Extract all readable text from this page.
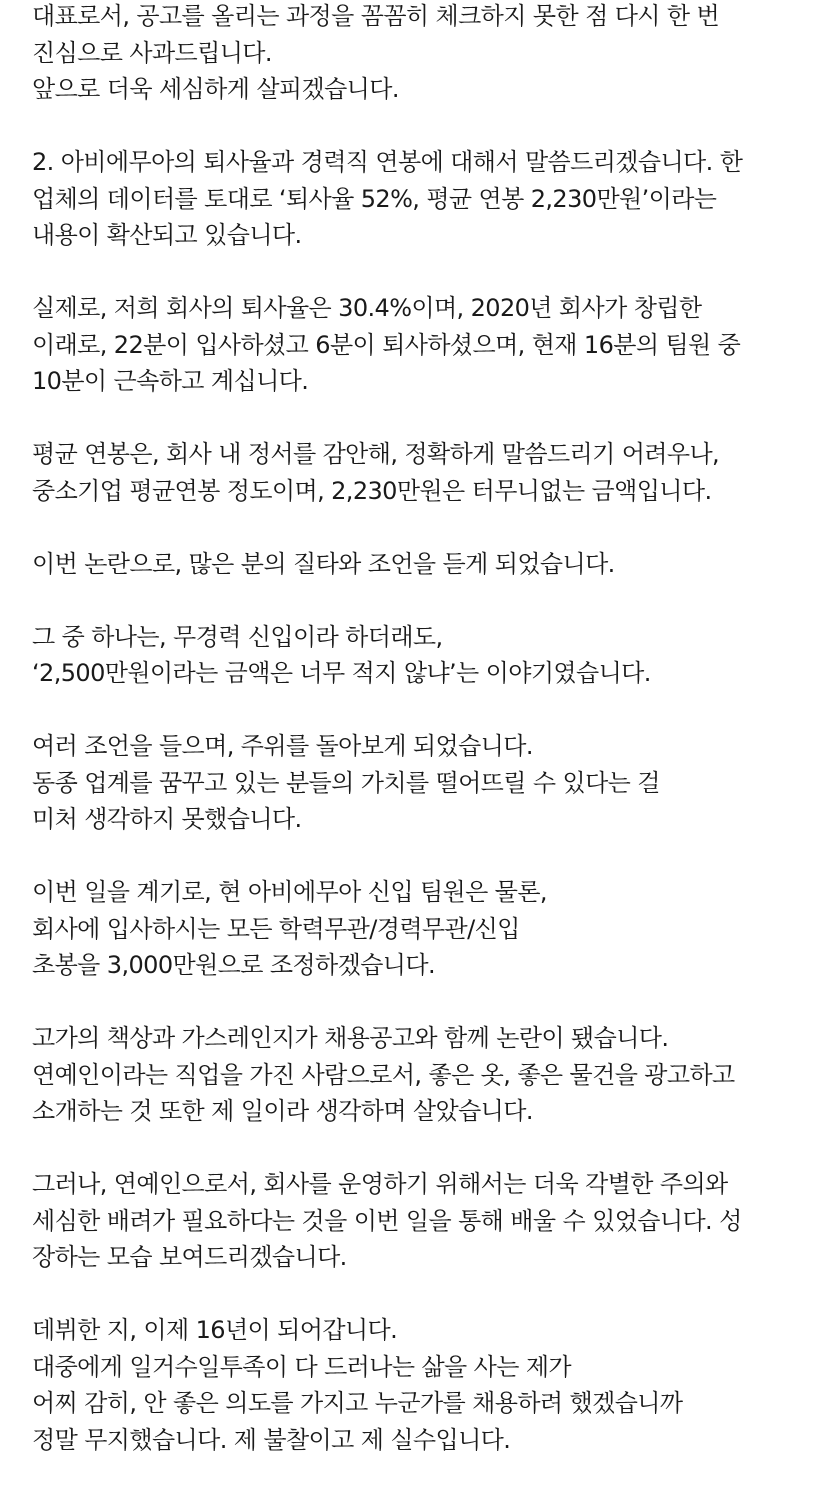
대표로서, 공고를 올리는 과정을 꼼꼼히 체크하지 못한 점 다시 한 번
진심으로 사과드립니다.
앞으로 더욱 세심하게 살피겠습니다.

2. 아비에무아의 퇴사율과 경력직 연봉에 대해서 말씀드리겠습니다. 한
업체의 데이터를 토대로 ‘퇴사율 52%, 평균 연봉 2,230만원’이라는
내용이 확산되고 있습니다.

실제로, 저희 회사의 퇴사율은 30.4%이며, 2020년 회사가 창립한
이래로, 22분이 입사하셨고 6분이 퇴사하셨으며, 현재 16분의 팀원 중
10분이 근속하고 계십니다.

평균 연봉은, 회사 내 정서를 감안해, 정확하게 말씀드리기 어려우나,
중소기업 평균연봉 정도이며, 2,230만원은 터무니없는 금액입니다.

이번 논란으로, 많은 분의 질타와 조언을 듣게 되었습니다.

그 중 하나는, 무경력 신입이라 하더래도,
‘2,500만원이라는 금액은 너무 적지 않냐’는 이야기였습니다.

여러 조언을 들으며, 주위를 돌아보게 되었습니다.
동종 업계를 꿈꾸고 있는 분들의 가치를 떨어뜨릴 수 있다는 걸
미처 생각하지 못했습니다.

이번 일을 계기로, 현 아비에무아 신입 팀원은 물론,
회사에 입사하시는 모든 학력무관/경력무관/신입
초봉을 3,000만원으로 조정하겠습니다.

고가의 책상과 가스레인지가 채용공고와 함께 논란이 됐습니다.
연예인이라는 직업을 가진 사람으로서, 좋은 옷, 좋은 물건을 광고하고
소개하는 것 또한 제 일이라 생각하며 살았습니다.

그러나, 연예인으로서, 회사를 운영하기 위해서는 더욱 각별한 주의와
세심한 배려가 필요하다는 것을 이번 일을 통해 배울 수 있었습니다. 성
장하는 모습 보여드리겠습니다.

데뷔한 지, 이제 16년이 되어갑니다.
대중에게 일거수일투족이 다 드러나는 삶을 사는 제가
어찌 감히, 안 좋은 의도를 가지고 누군가를 채용하려 했겠습니까
정말 무지했습니다. 제 불찰이고 제 실수입니다.
